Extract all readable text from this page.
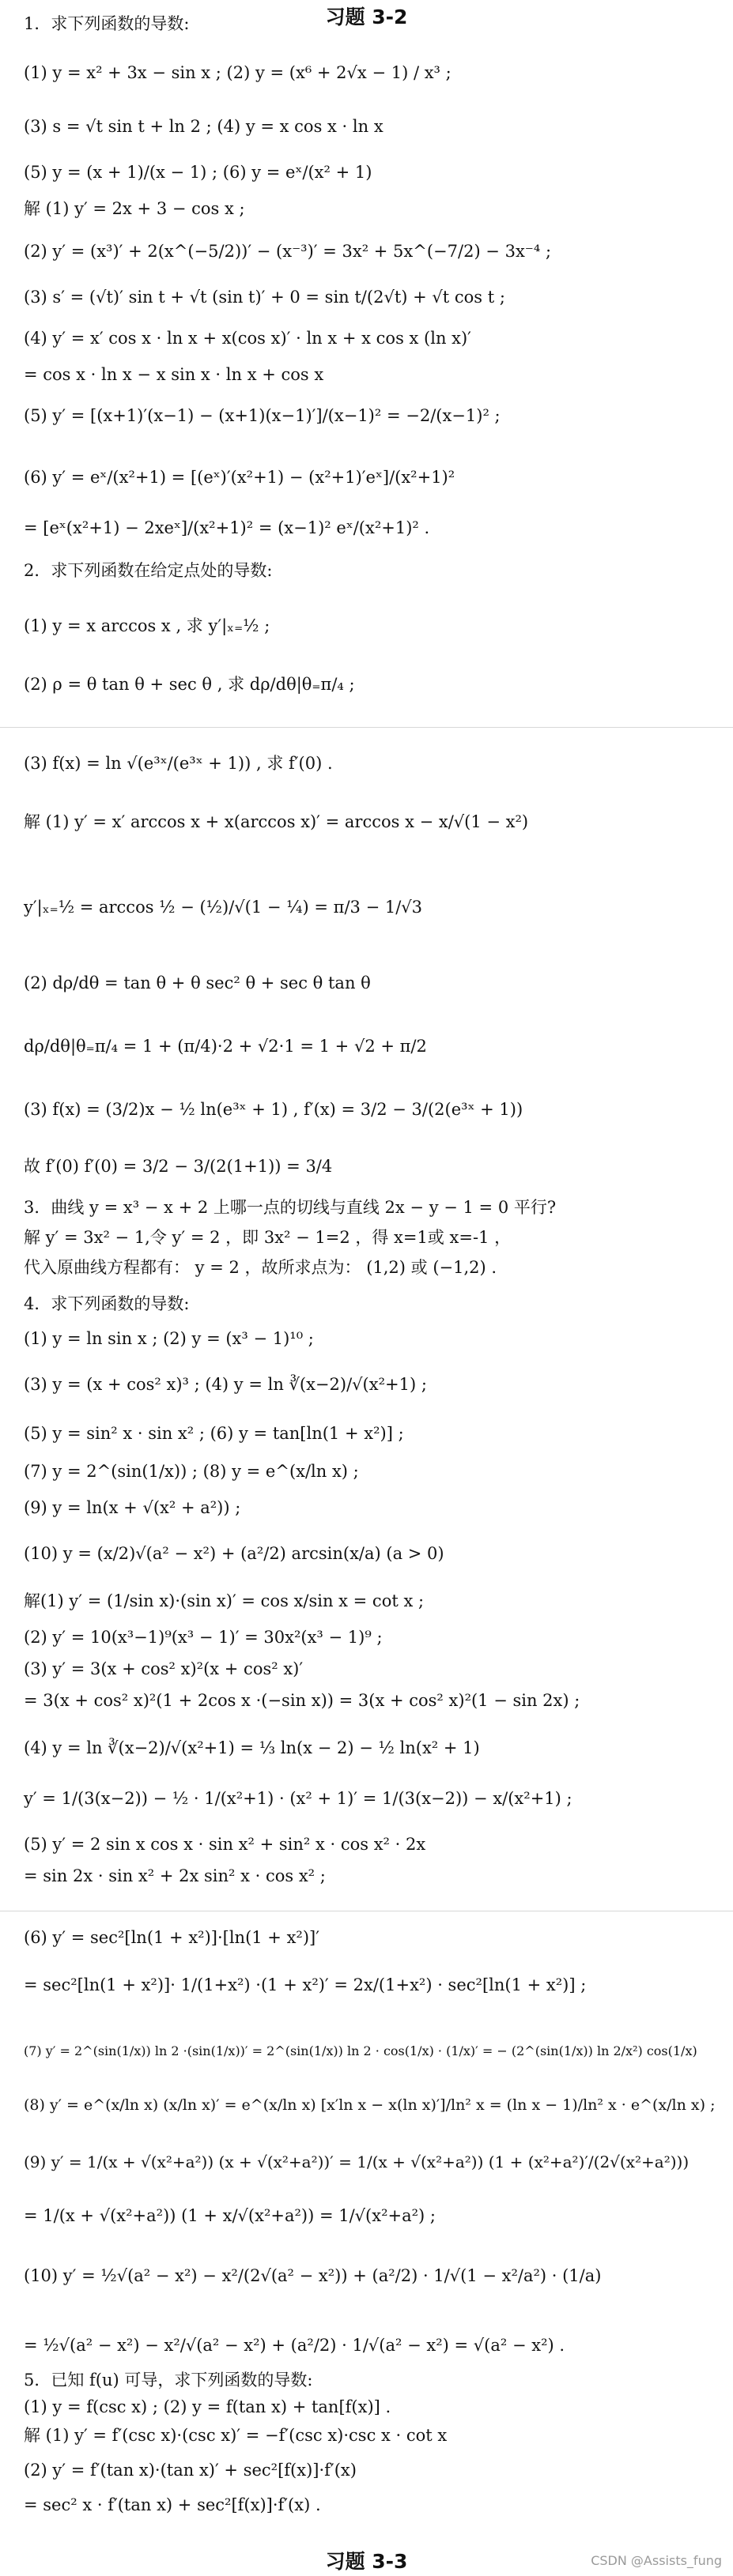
习题 3-2
1．求下列函数的导数:
(1) y = x² + 3x − sin x ; (2) y = (x⁶ + 2√x − 1) / x³ ;
(3) s = √t sin t + ln 2 ; (4) y = x cos x · ln x
(5) y = (x + 1)/(x − 1) ; (6) y = eˣ/(x² + 1)
解 (1) y′ = 2x + 3 − cos x ;
(2) y′ = (x³)′ + 2(x^(−5/2))′ − (x⁻³)′ = 3x² + 5x^(−7/2) − 3x⁻⁴ ;
(3) s′ = (√t)′ sin t + √t (sin t)′ + 0 = sin t/(2√t) + √t cos t ;
(4) y′ = x′ cos x · ln x + x(cos x)′ · ln x + x cos x (ln x)′
= cos x · ln x − x sin x · ln x + cos x
(5) y′ = [(x+1)′(x−1) − (x+1)(x−1)′]/(x−1)² = −2/(x−1)² ;
(6) y′ = eˣ/(x²+1) = [(eˣ)′(x²+1) − (x²+1)′eˣ]/(x²+1)²
= [eˣ(x²+1) − 2xeˣ]/(x²+1)² = (x−1)² eˣ/(x²+1)² .
2．求下列函数在给定点处的导数:
(1) y = x arccos x , 求 y′|ₓ₌½ ;
(2) ρ = θ tan θ + sec θ , 求 dρ/dθ|θ₌π/₄ ;
(3) f(x) = ln √(e³ˣ/(e³ˣ + 1)) , 求 f′(0) .
解 (1) y′ = x′ arccos x + x(arccos x)′ = arccos x − x/√(1 − x²)
y′|ₓ₌½ = arccos ½ − (½)/√(1 − ¼) = π/3 − 1/√3
(2) dρ/dθ = tan θ + θ sec² θ + sec θ tan θ
dρ/dθ|θ₌π/₄ = 1 + (π/4)·2 + √2·1 = 1 + √2 + π/2
(3) f(x) = (3/2)x − ½ ln(e³ˣ + 1) , f′(x) = 3/2 − 3/(2(e³ˣ + 1))
故 f′(0) f′(0) = 3/2 − 3/(2(1+1)) = 3/4
3．曲线 y = x³ − x + 2 上哪一点的切线与直线 2x − y − 1 = 0 平行?
解 y′ = 3x² − 1,令 y′ = 2 ，即 3x² − 1=2 ，得 x=1或 x=-1 ，
代入原曲线方程都有： y = 2 ，故所求点为： (1,2) 或 (−1,2) .
4．求下列函数的导数:
(1) y = ln sin x ; (2) y = (x³ − 1)¹⁰ ;
(3) y = (x + cos² x)³ ; (4) y = ln ∛(x−2)/√(x²+1) ;
(5) y = sin² x · sin x² ; (6) y = tan[ln(1 + x²)] ;
(7) y = 2^(sin(1/x)) ; (8) y = e^(x/ln x) ;
(9) y = ln(x + √(x² + a²)) ;
(10) y = (x/2)√(a² − x²) + (a²/2) arcsin(x/a) (a > 0)
解(1) y′ = (1/sin x)·(sin x)′ = cos x/sin x = cot x ;
(2) y′ = 10(x³−1)⁹(x³ − 1)′ = 30x²(x³ − 1)⁹ ;
(3) y′ = 3(x + cos² x)²(x + cos² x)′
= 3(x + cos² x)²(1 + 2cos x ·(−sin x)) = 3(x + cos² x)²(1 − sin 2x) ;
(4) y = ln ∛(x−2)/√(x²+1) = ⅓ ln(x − 2) − ½ ln(x² + 1)
y′ = 1/(3(x−2)) − ½ · 1/(x²+1) · (x² + 1)′ = 1/(3(x−2)) − x/(x²+1) ;
(5) y′ = 2 sin x cos x · sin x² + sin² x · cos x² · 2x
= sin 2x · sin x² + 2x sin² x · cos x² ;
(6) y′ = sec²[ln(1 + x²)]·[ln(1 + x²)]′
= sec²[ln(1 + x²)]· 1/(1+x²) ·(1 + x²)′ = 2x/(1+x²) · sec²[ln(1 + x²)] ;
(7) y′ = 2^(sin(1/x)) ln 2 ·(sin(1/x))′ = 2^(sin(1/x)) ln 2 · cos(1/x) · (1/x)′ = − (2^(sin(1/x)) ln 2/x²) cos(1/x)
(8) y′ = e^(x/ln x) (x/ln x)′ = e^(x/ln x) [x′ln x − x(ln x)′]/ln² x = (ln x − 1)/ln² x · e^(x/ln x) ;
(9) y′ = 1/(x + √(x²+a²)) (x + √(x²+a²))′ = 1/(x + √(x²+a²)) (1 + (x²+a²)′/(2√(x²+a²)))
= 1/(x + √(x²+a²)) (1 + x/√(x²+a²)) = 1/√(x²+a²) ;
(10) y′ = ½√(a² − x²) − x²/(2√(a² − x²)) + (a²/2) · 1/√(1 − x²/a²) · (1/a)
= ½√(a² − x²) − x²/√(a² − x²) + (a²/2) · 1/√(a² − x²) = √(a² − x²) .
5．已知 f(u) 可导，求下列函数的导数:
(1) y = f(csc x) ; (2) y = f(tan x) + tan[f(x)] .
解 (1) y′ = f′(csc x)·(csc x)′ = −f′(csc x)·csc x · cot x
(2) y′ = f′(tan x)·(tan x)′ + sec²[f(x)]·f′(x)
= sec² x · f′(tan x) + sec²[f(x)]·f′(x) .
习题 3-3	CSDN @Assists_fung
